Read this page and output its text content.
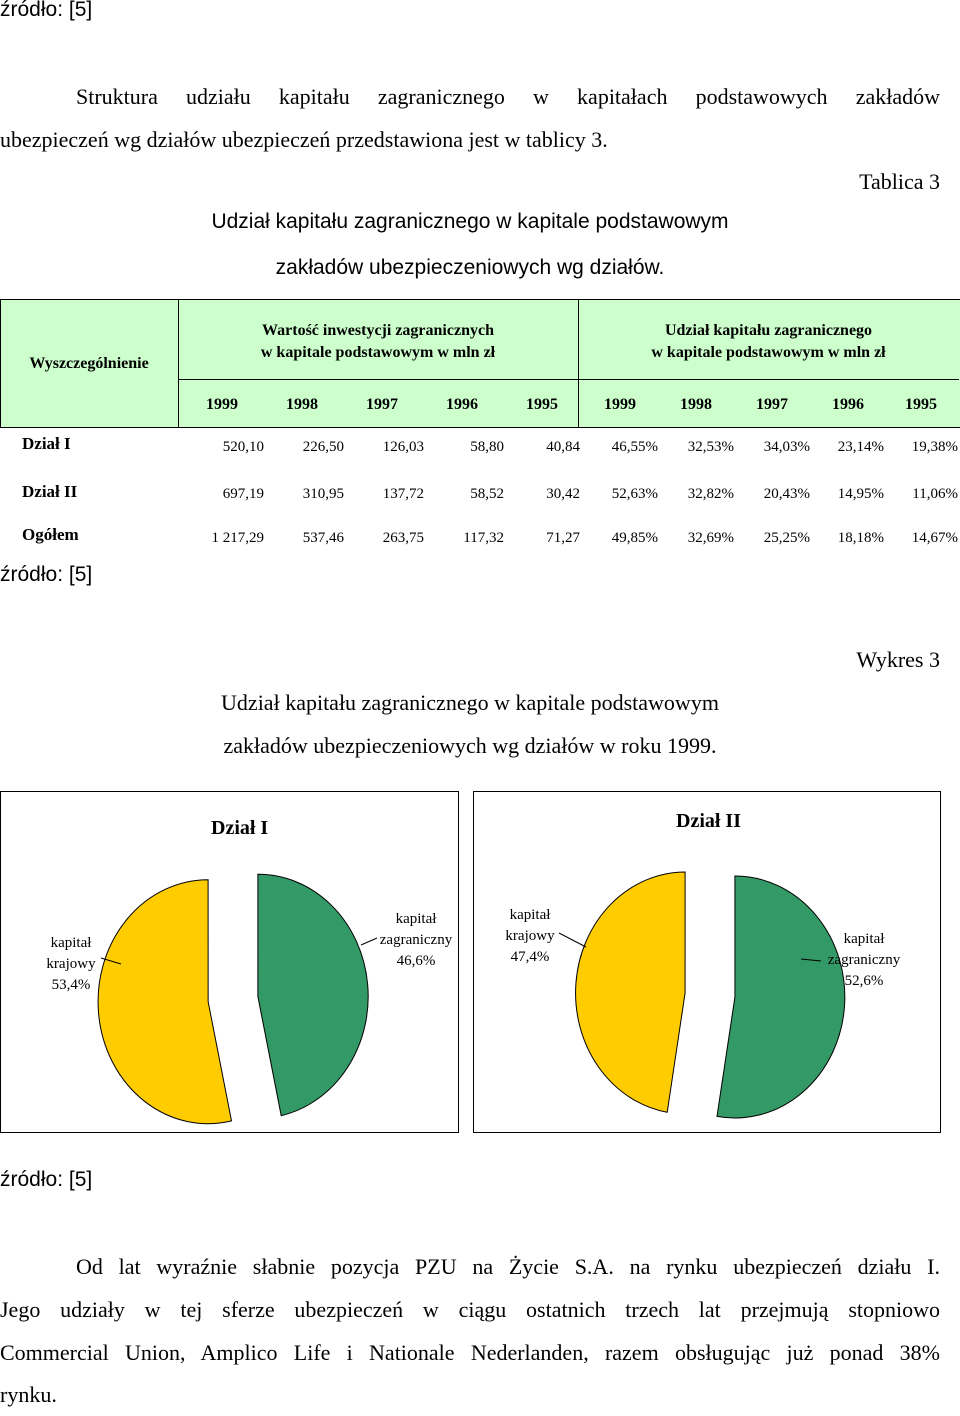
źródło: [5]
Struktura udziału kapitału zagranicznego w kapitałach podstawowych zakładów
ubezpieczeń wg działów ubezpieczeń przedstawiona jest w tablicy 3.
Tablica 3
Udział kapitału zagranicznego w kapitale podstawowym
zakładów ubezpieczeniowych wg działów.
Wyszczególnienie
Wartość inwestycji zagranicznych
w kapitale podstawowym w mln zł
Udział kapitału zagranicznego
w kapitale podstawowym w mln zł
1999	1998	1997	1996	1995	1999	1998	1997	1996	1995
Dział I	520,10	226,50	126,03	58,80	40,84	46,55%	32,53%	34,03%	23,14%	19,38%
Dział II	697,19	310,95	137,72	58,52	30,42	52,63%	32,82%	20,43%	14,95%	11,06%
Ogółem	1 217,29	537,46	263,75	117,32	71,27	49,85%	32,69%	25,25%	18,18%	14,67%
źródło: [5]
Wykres 3
Udział kapitału zagranicznego w kapitale podstawowym
zakładów ubezpieczeniowych wg działów w roku 1999.
Dział I
kapitał
krajowy
53,4%
kapitał
zagraniczny
46,6%
Dział II
kapitał
krajowy
47,4%
kapitał
zagraniczny
52,6%
źródło: [5]
Od lat wyraźnie słabnie pozycja PZU na Życie S.A. na rynku ubezpieczeń działu I.
Jego udziały w tej sferze ubezpieczeń w ciągu ostatnich trzech lat przejmują stopniowo
Commercial Union, Amplico Life i Nationale Nederlanden, razem obsługując już ponad 38%
rynku.
